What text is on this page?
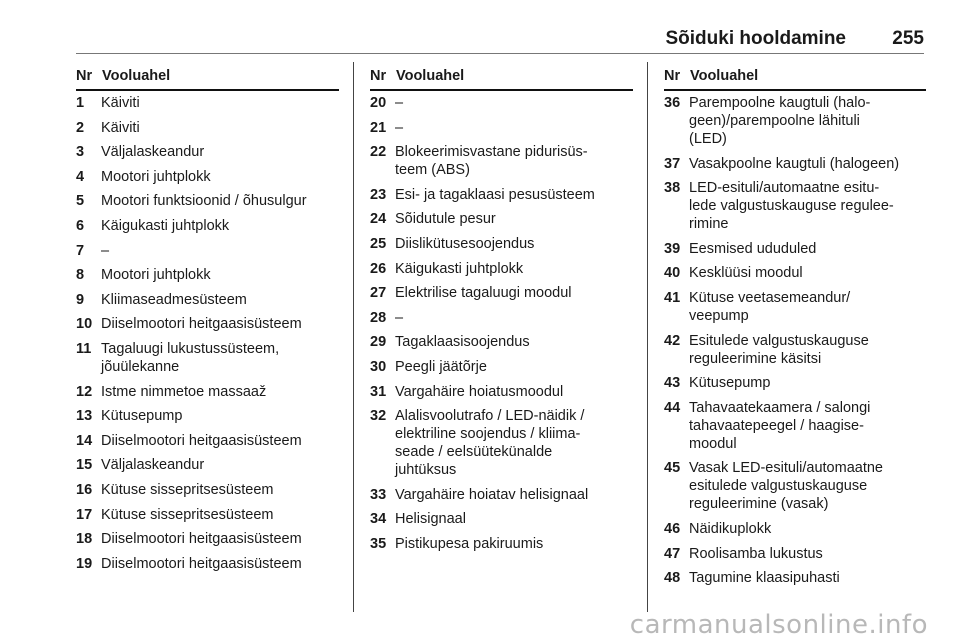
Sõiduki hooldamine 255
Nr Vooluahel
1	Käiviti
2	Käiviti
3	Väljalaskeandur
4	Mootori juhtplokk
5	Mootori funktsioonid / õhusulgur
6	Käigukasti juhtplokk
7	–
8	Mootori juhtplokk
9	Kliimaseadmesüsteem
10 Diiselmootori heitgaasisüsteem
11 Tagaluugi lukustussüsteem,
jõuülekanne
12 Istme nimmetoe massaaž
13 Kütusepump
14 Diiselmootori heitgaasisüsteem
15 Väljalaskeandur
16 Kütuse sissepritsesüsteem
17 Kütuse sissepritsesüsteem
18 Diiselmootori heitgaasisüsteem
19 Diiselmootori heitgaasisüsteem
Nr Vooluahel
20 –
21 –
22 Blokeerimisvastane pidurisüs-
teem (ABS)
23 Esi- ja tagaklaasi pesusüsteem
24 Sõidutule pesur
25 Diislikütusesoojendus
26 Käigukasti juhtplokk
27 Elektrilise tagaluugi moodul
28 –
29 Tagaklaasisoojendus
30 Peegli jäätõrje
31 Vargahäire hoiatusmoodul
32 Alalisvoolutrafo / LED-näidik /
elektriline soojendus / kliima-
seade / eelsüütekünalde
juhtüksus
33 Vargahäire hoiatav helisignaal
34 Helisignaal
35 Pistikupesa pakiruumis
Nr Vooluahel
36 Parempoolne kaugtuli (halo-
geen)/parempoolne lähituli
(LED)
37 Vasakpoolne kaugtuli (halogeen)
38 LED-esituli/automaatne esitu-
lede valgustuskauguse regulee-
rimine
39 Eesmised ududuled
40 Kesklüüsi moodul
41 Kütuse veetasemeandur/
veepump
42 Esitulede valgustuskauguse
reguleerimine käsitsi
43 Kütusepump
44 Tahavaatekaamera / salongi
tahavaatepeegel / haagise-
moodul
45 Vasak LED-esituli/automaatne
esitulede valgustuskauguse
reguleerimine (vasak)
46 Näidikuplokk
47 Roolisamba lukustus
48 Tagumine klaasipuhasti
carmanualsonline.info
